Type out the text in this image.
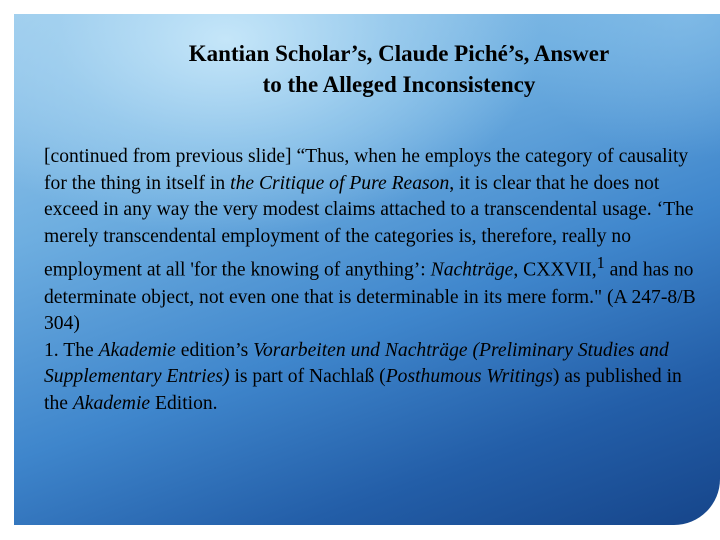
Kantian Scholar’s, Claude Piché’s, Answer
to the Alleged Inconsistency
[continued from previous slide] “Thus, when he employs the category of causality for the thing in itself in the Critique of Pure Reason, it is clear that he does not exceed in any way the very modest claims attached to a transcendental usage. ‘The merely transcendental employment of the categories is, therefore, really no employment at all 'for the knowing of anything’: Nachträge, CXXVII,$^1$ and has no determinate object, not even one that is determinable in its mere form." (A 247-8/B 304)
1. The Akademie edition’s Vorarbeiten und Nachträge (Preliminary Studies and Supplementary Entries) is part of Nachlaß (Posthumous Writings) as published in the Akademie Edition.
